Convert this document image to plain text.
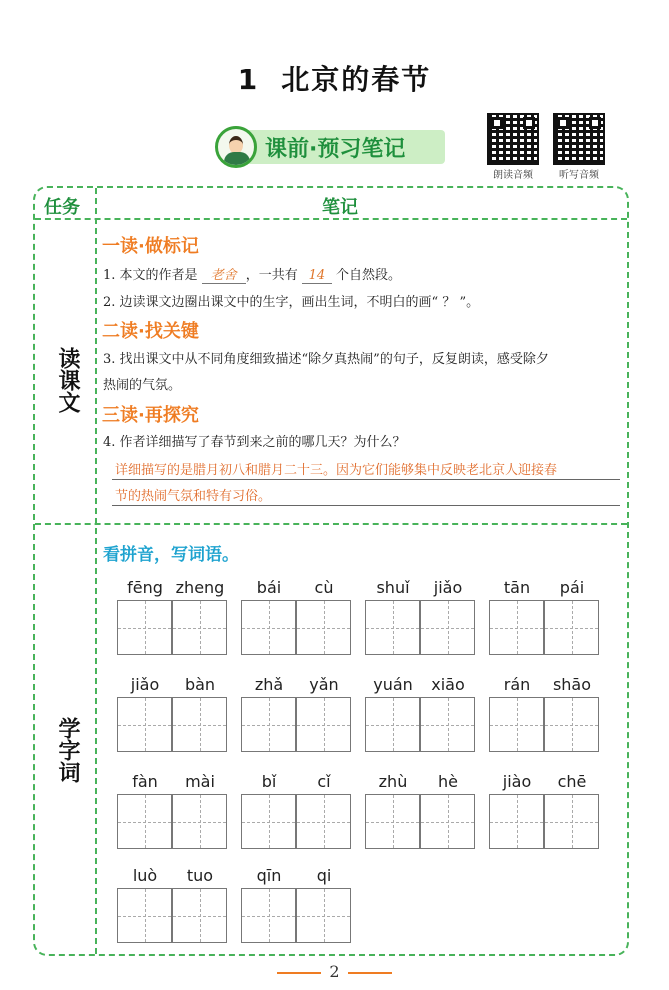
1 北京的春节
课前·预习笔记
朗读音频	听写音频
任务	笔记
读课文
学字词
一读·做标记
1. 本文的作者是 老舍 ，一共有 14 个自然段。
2. 边读课文边圈出课文中的生字，画出生词，不明白的画“ ？ ”。
二读·找关键
3. 找出课文中从不同角度细致描述“除夕真热闹”的句子，反复朗读，感受除夕
热闹的气氛。
三读·再探究
4. 作者详细描写了春节到来之前的哪几天？为什么？
详细描写的是腊月初八和腊月二十三。因为它们能够集中反映老北京人迎接春
节的热闹气氛和特有习俗。
看拼音，写词语。
fēng zheng	bái	cù	shuǐ	jiǎo	tān	pái
jiǎo	bàn	zhǎ	yǎn	yuán	xiāo	rán	shāo
fàn	mài	bǐ	cǐ	zhù	hè	jiào	chē
luò	tuo	qīn	qi
2
